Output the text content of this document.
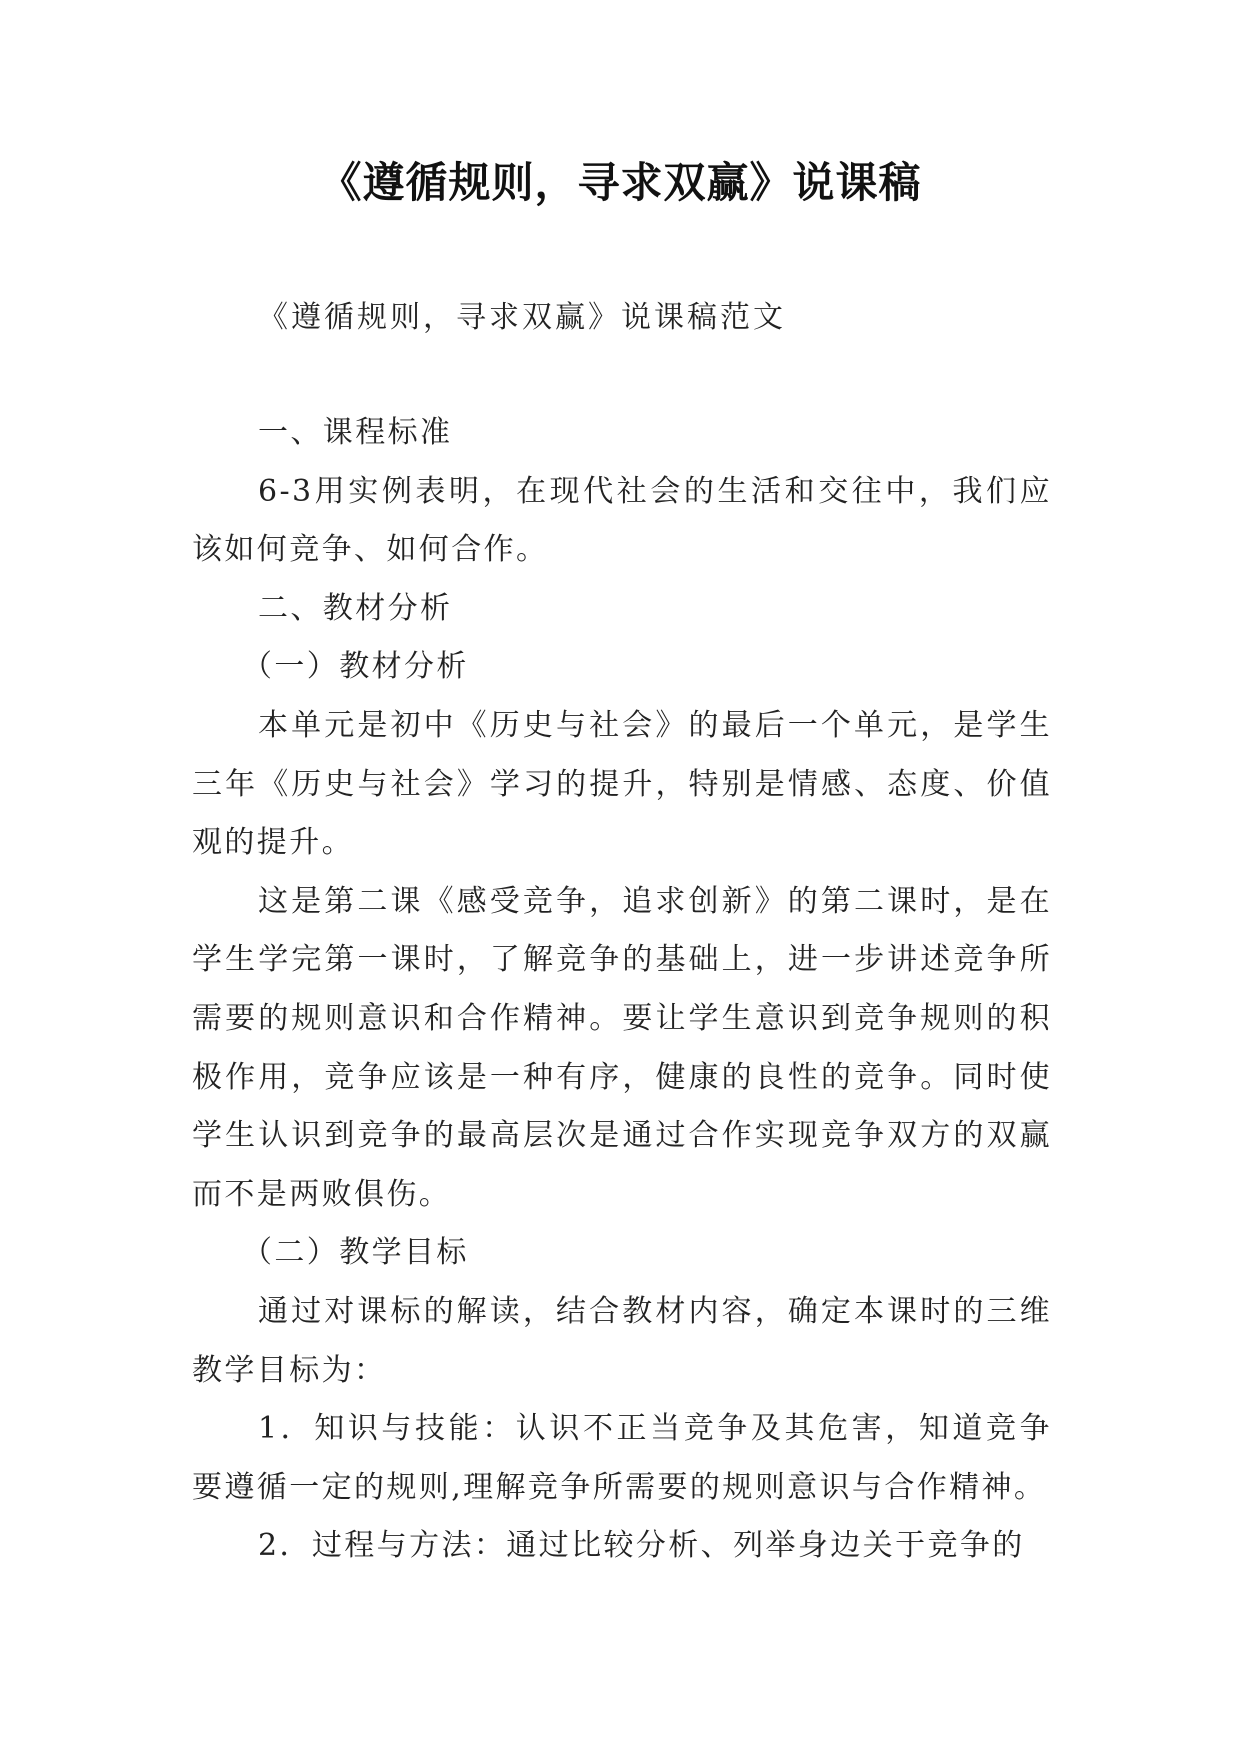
《遵循规则，寻求双赢》说课稿

《遵循规则，寻求双赢》说课稿范文

一、课程标准

6-3用实例表明，在现代社会的生活和交往中，我们应该如何竞争、如何合作。

二、教材分析

（一）教材分析

本单元是初中《历史与社会》的最后一个单元，是学生三年《历史与社会》学习的提升，特别是情感、态度、价值观的提升。

这是第二课《感受竞争，追求创新》的第二课时，是在学生学完第一课时，了解竞争的基础上，进一步讲述竞争所需要的规则意识和合作精神。要让学生意识到竞争规则的积极作用，竞争应该是一种有序，健康的良性的竞争。同时使学生认识到竞争的最高层次是通过合作实现竞争双方的双赢而不是两败俱伤。

（二）教学目标

通过对课标的解读，结合教材内容，确定本课时的三维教学目标为：

1．知识与技能：认识不正当竞争及其危害，知道竞争要遵循一定的规则,理解竞争所需要的规则意识与合作精神。

2．过程与方法：通过比较分析、列举身边关于竞争的
